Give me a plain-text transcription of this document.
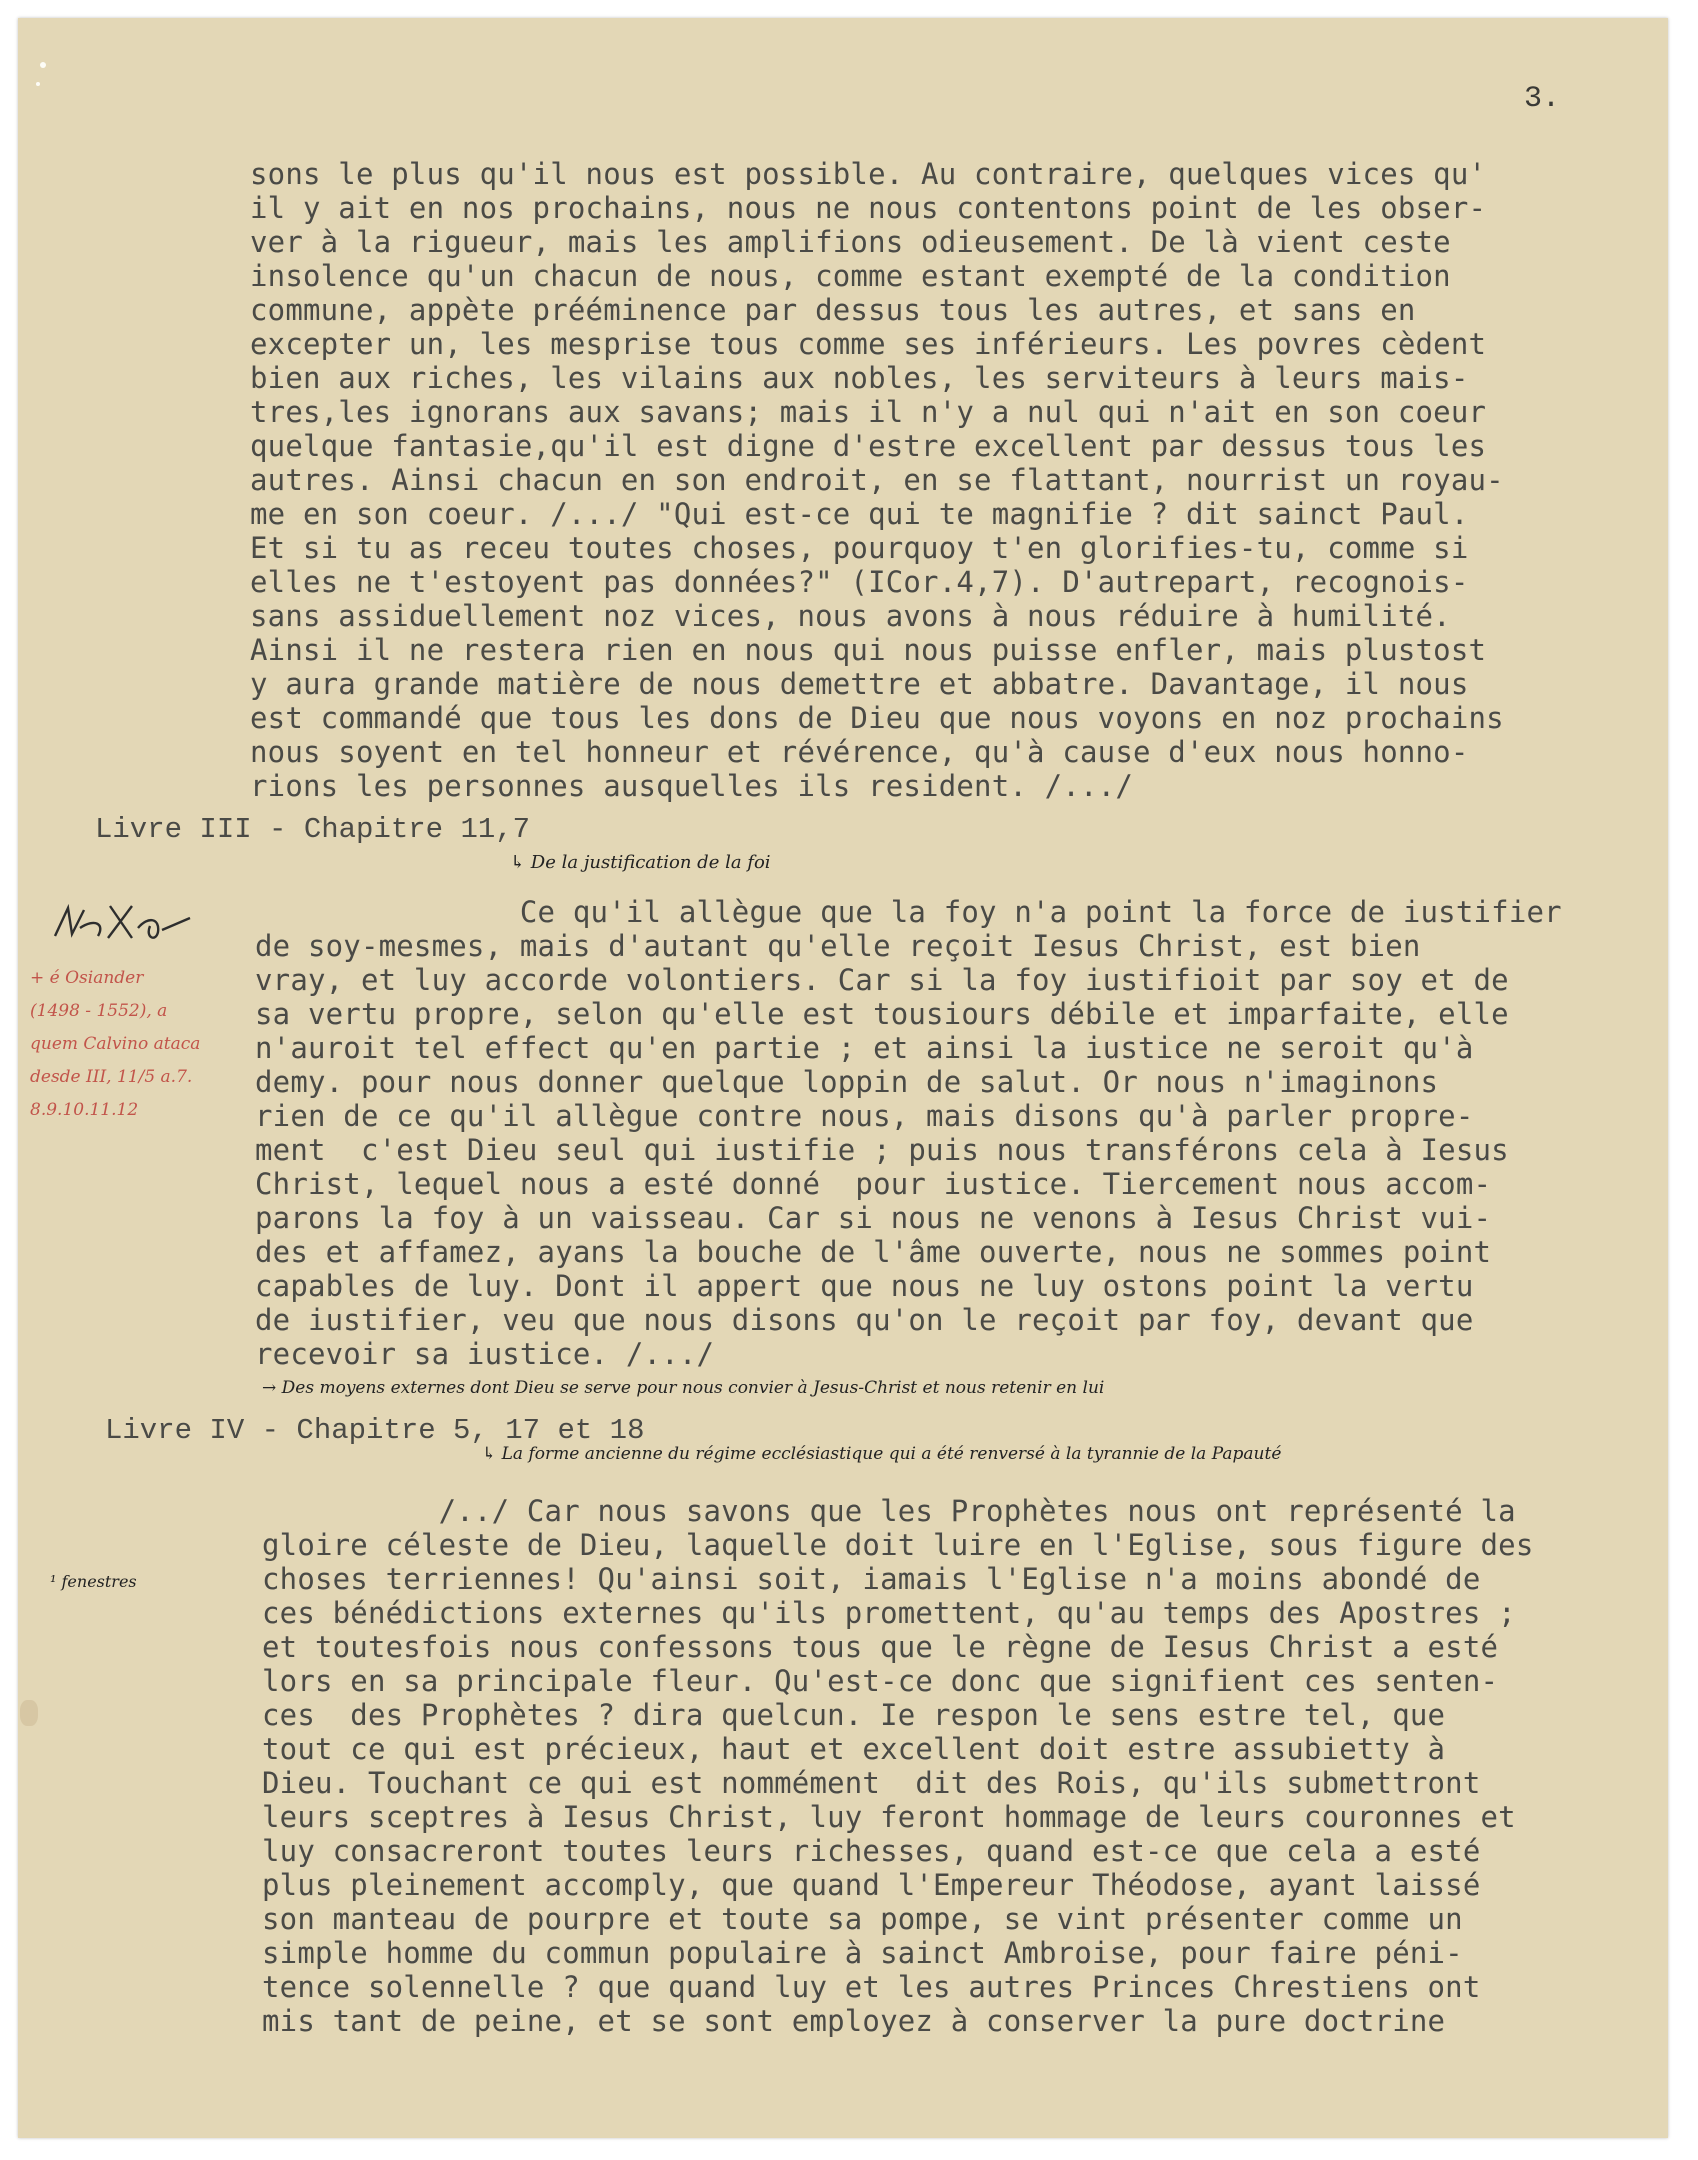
3.
sons le plus qu'il nous est possible. Au contraire, quelques vices qu'
il y ait en nos prochains, nous ne nous contentons point de les obser-
ver à la rigueur, mais les amplifions odieusement. De là vient ceste
insolence qu'un chacun de nous, comme estant exempté de la condition
commune, appète prééminence par dessus tous les autres, et sans en
excepter un, les mesprise tous comme ses inférieurs. Les povres cèdent
bien aux riches, les vilains aux nobles, les serviteurs à leurs mais-
tres,les ignorans aux savans; mais il n'y a nul qui n'ait en son coeur
quelque fantasie,qu'il est digne d'estre excellent par dessus tous les
autres. Ainsi chacun en son endroit, en se flattant, nourrist un royau-
me en son coeur. /.../ "Qui est-ce qui te magnifie ? dit sainct Paul.
Et si tu as receu toutes choses, pourquoy t'en glorifies-tu, comme si
elles ne t'estoyent pas données?" (ICor.4,7). D'autrepart, recognois-
sans assiduellement noz vices, nous avons à nous réduire à humilité.
Ainsi il ne restera rien en nous qui nous puisse enfler, mais plustost
y aura grande matière de nous demettre et abbatre. Davantage, il nous
est commandé que tous les dons de Dieu que nous voyons en noz prochains
nous soyent en tel honneur et révérence, qu'à cause d'eux nous honno-
rions les personnes ausquelles ils resident. /.../
Livre III - Chapitre 11,7
↳ De la justification de la foi
+ é Osiander
(1498 - 1552), a
quem Calvino ataca
desde III, 11/5 a.7.
8.9.10.11.12
Ce qu'il allègue que la foy n'a point la force de iustifier
de soy-mesmes, mais d'autant qu'elle reçoit Iesus Christ, est bien
vray, et luy accorde volontiers. Car si la foy iustifioit par soy et de
sa vertu propre, selon qu'elle est tousiours débile et imparfaite, elle
n'auroit tel effect qu'en partie ; et ainsi la iustice ne seroit qu'à
demy. pour nous donner quelque loppin de salut. Or nous n'imaginons
rien de ce qu'il allègue contre nous, mais disons qu'à parler propre-
ment  c'est Dieu seul qui iustifie ; puis nous transférons cela à Iesus
Christ, lequel nous a esté donné  pour iustice. Tiercement nous accom-
parons la foy à un vaisseau. Car si nous ne venons à Iesus Christ vui-
des et affamez, ayans la bouche de l'âme ouverte, nous ne sommes point
capables de luy. Dont il appert que nous ne luy ostons point la vertu
de iustifier, veu que nous disons qu'on le reçoit par foy, devant que
recevoir sa iustice. /.../
→ Des moyens externes dont Dieu se serve pour nous convier à Jesus-Christ et nous retenir en lui
Livre IV - Chapitre 5, 17 et 18
↳ La forme ancienne du régime ecclésiastique qui a été renversé à la tyrannie de la Papauté
¹ fenestres
/../ Car nous savons que les Prophètes nous ont représenté la
gloire céleste de Dieu, laquelle doit luire en l'Eglise, sous figure des
choses terriennes! Qu'ainsi soit, iamais l'Eglise n'a moins abondé de
ces bénédictions externes qu'ils promettent, qu'au temps des Apostres ;
et toutesfois nous confessons tous que le règne de Iesus Christ a esté
lors en sa principale fleur. Qu'est-ce donc que signifient ces senten-
ces  des Prophètes ? dira quelcun. Ie respon le sens estre tel, que
tout ce qui est précieux, haut et excellent doit estre assubietty à
Dieu. Touchant ce qui est nommément  dit des Rois, qu'ils submettront
leurs sceptres à Iesus Christ, luy feront hommage de leurs couronnes et
luy consacreront toutes leurs richesses, quand est-ce que cela a esté
plus pleinement accomply, que quand l'Empereur Théodose, ayant laissé
son manteau de pourpre et toute sa pompe, se vint présenter comme un
simple homme du commun populaire à sainct Ambroise, pour faire péni-
tence solennelle ? que quand luy et les autres Princes Chrestiens ont
mis tant de peine, et se sont employez à conserver la pure doctrine
